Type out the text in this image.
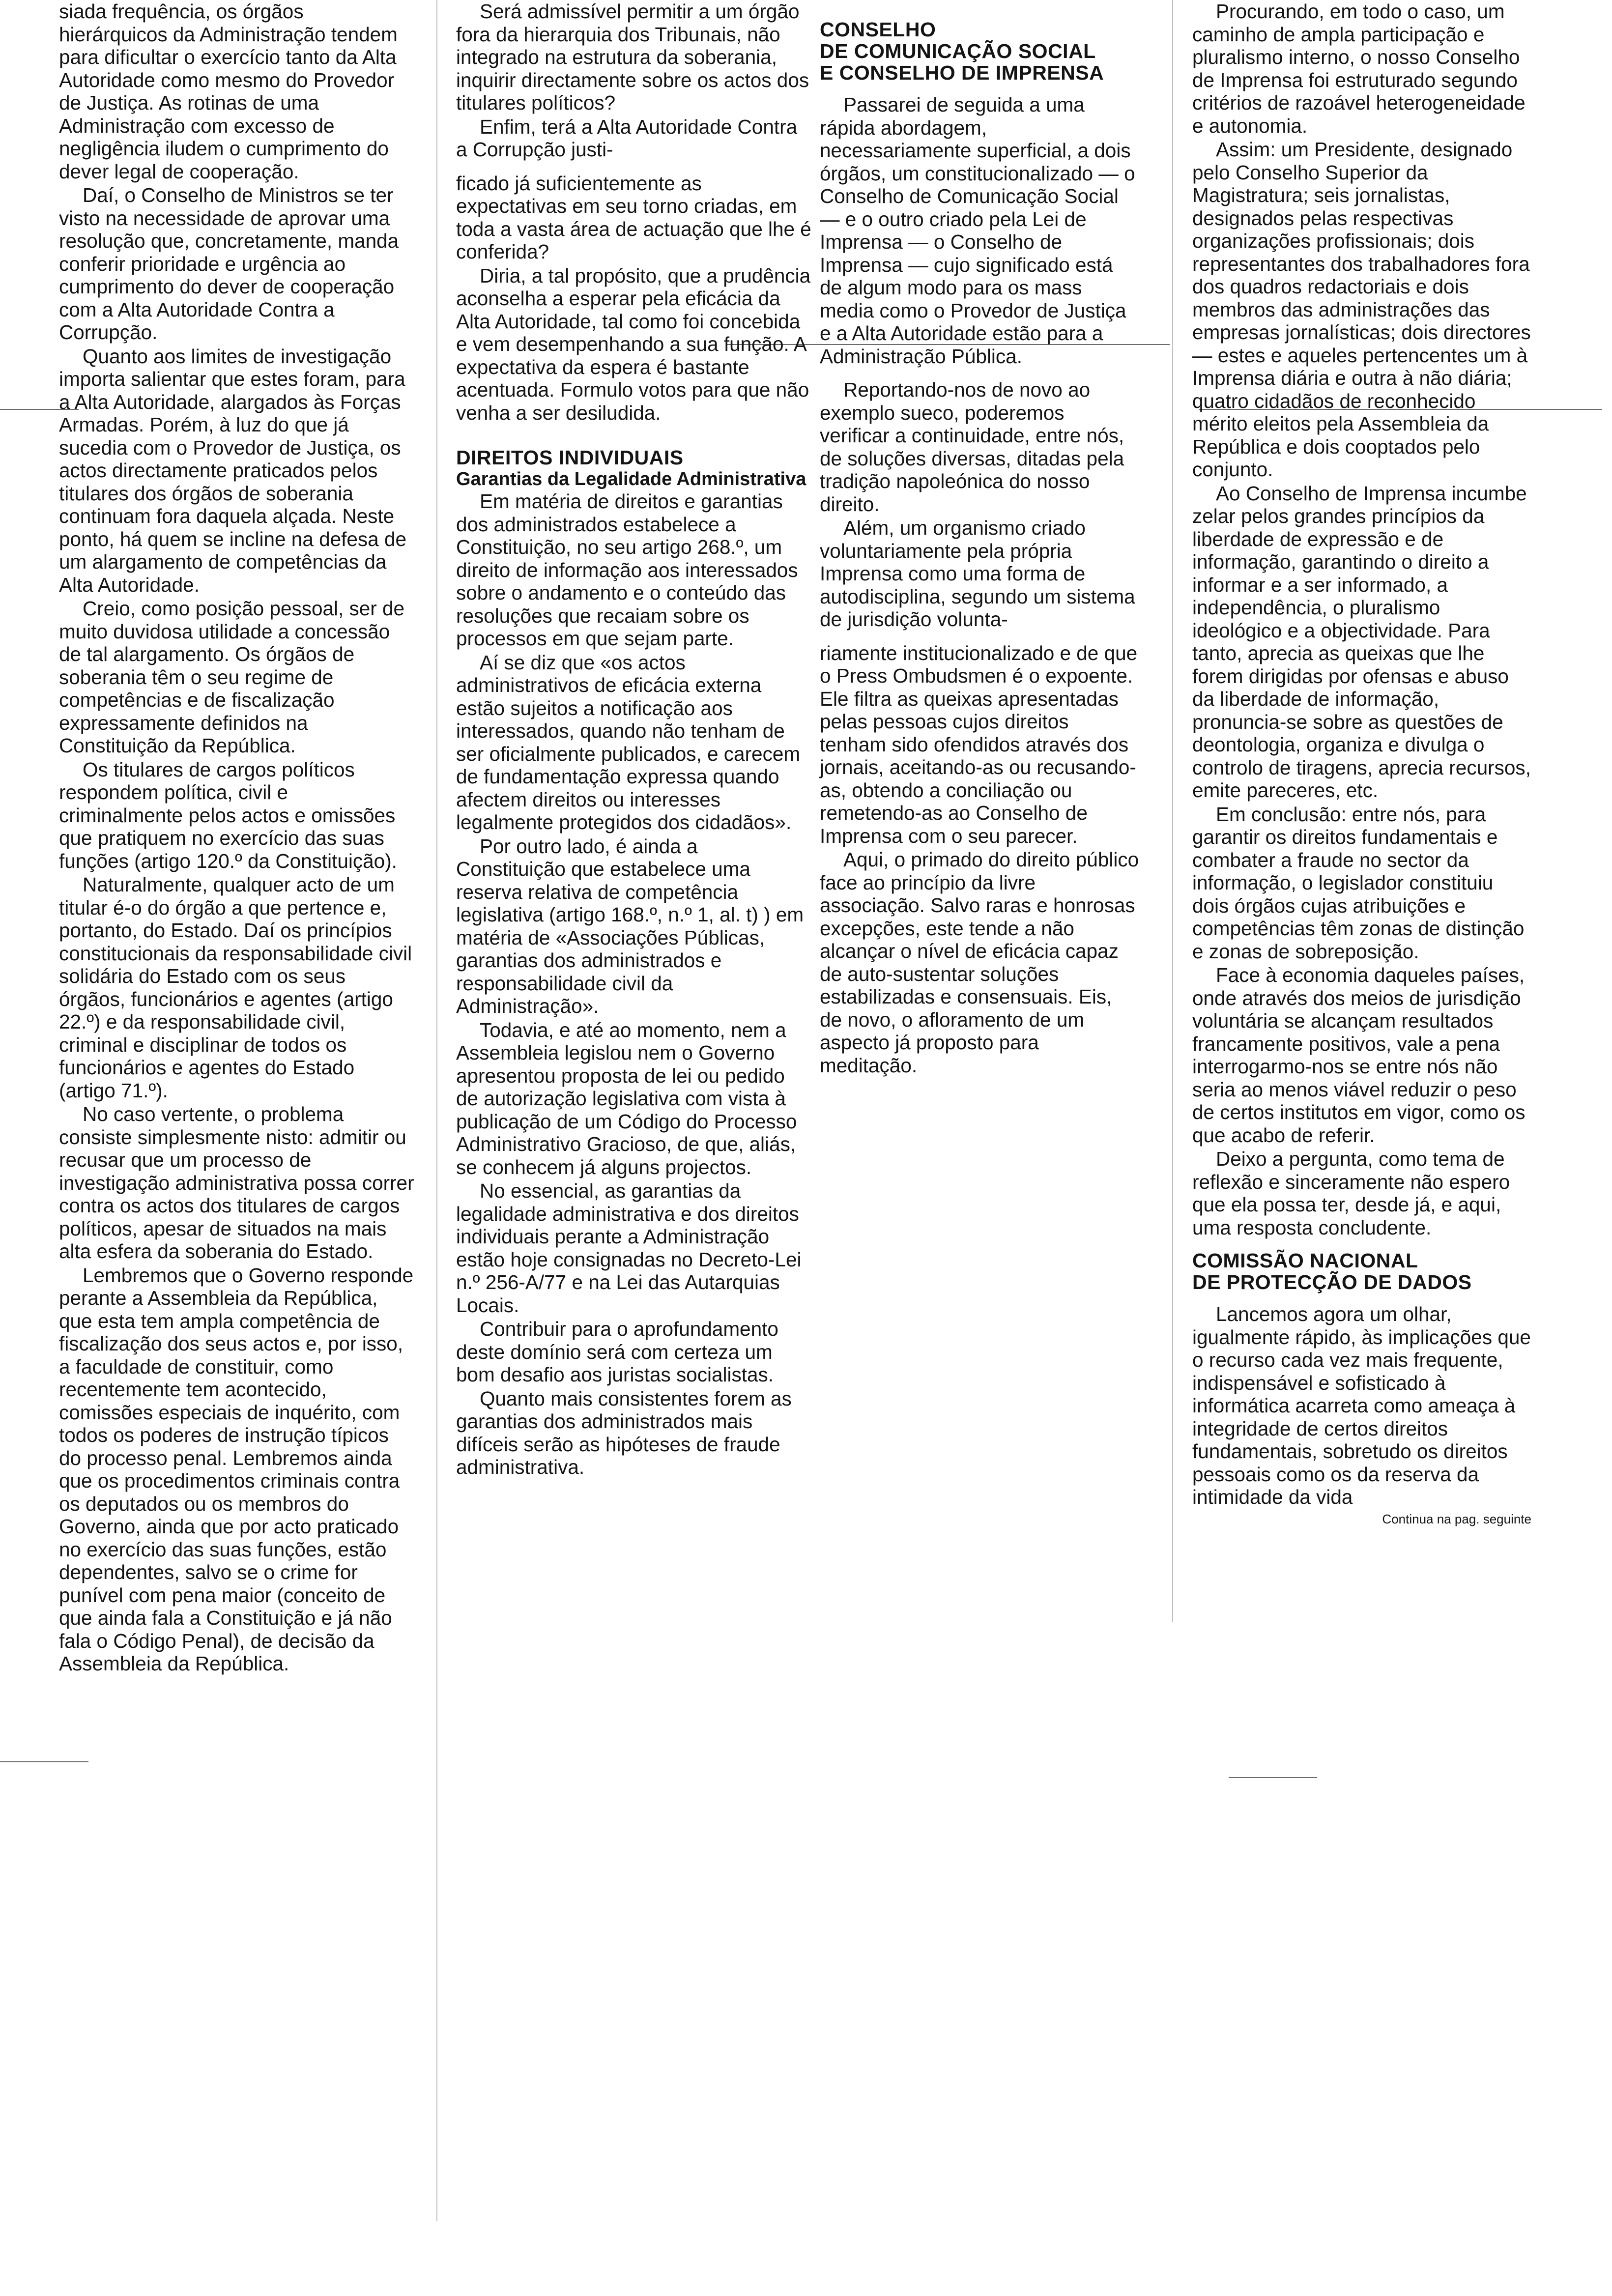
siada frequência, os órgãos hierárquicos da Administração tendem para dificultar o exercício tanto da Alta Autoridade como mesmo do Provedor de Justiça. As rotinas de uma Administração com excesso de negligência iludem o cumprimento do dever legal de cooperação.

Daí, o Conselho de Ministros se ter visto na necessidade de aprovar uma resolução que, concretamente, manda conferir prioridade e urgência ao cumprimento do dever de cooperação com a Alta Autoridade Contra a Corrupção.

Quanto aos limites de investigação importa salientar que estes foram, para a Alta Autoridade, alargados às Forças Armadas. Porém, à luz do que já sucedia com o Provedor de Justiça, os actos directamente praticados pelos titulares dos órgãos de soberania continuam fora daquela alçada. Neste ponto, há quem se incline na defesa de um alargamento de competências da Alta Autoridade.

Creio, como posição pessoal, ser de muito duvidosa utilidade a concessão de tal alargamento. Os órgãos de soberania têm o seu regime de competências e de fiscalização expressamente definidos na Constituição da República.

Os titulares de cargos políticos respondem política, civil e criminalmente pelos actos e omissões que pratiquem no exercício das suas funções (artigo 120.º da Constituição).

Naturalmente, qualquer acto de um titular é-o do órgão a que pertence e, portanto, do Estado. Daí os princípios constitucionais da responsabilidade civil solidária do Estado com os seus órgãos, funcionários e agentes (artigo 22.º) e da responsabilidade civil, criminal e disciplinar de todos os funcionários e agentes do Estado (artigo 71.º).

No caso vertente, o problema consiste simplesmente nisto: admitir ou recusar que um processo de investigação administrativa possa correr contra os actos dos titulares de cargos políticos, apesar de situados na mais alta esfera da soberania do Estado.

Lembremos que o Governo responde perante a Assembleia da República, que esta tem ampla competência de fiscalização dos seus actos e, por isso, a faculdade de constituir, como recentemente tem acontecido, comissões especiais de inquérito, com todos os poderes de instrução típicos do processo penal. Lembremos ainda que os procedimentos criminais contra os deputados ou os membros do Governo, ainda que por acto praticado no exercício das suas funções, estão dependentes, salvo se o crime for punível com pena maior (conceito de que ainda fala a Constituição e já não fala o Código Penal), de decisão da Assembleia da República.

Será admissível permitir a um órgão fora da hierarquia dos Tribunais, não integrado na estrutura da soberania, inquirir directamente sobre os actos dos titulares políticos?

Enfim, terá a Alta Autoridade Contra a Corrupção justi-

ficado já suficientemente as expectativas em seu torno criadas, em toda a vasta área de actuação que lhe é conferida?

Diria, a tal propósito, que a prudência aconselha a esperar pela eficácia da Alta Autoridade, tal como foi concebida e vem desempenhando a sua função. A expectativa da espera é bastante acentuada. Formulo votos para que não venha a ser desiludida.

DIREITOS INDIVIDUAIS
Garantias da Legalidade Administrativa

Em matéria de direitos e garantias dos administrados estabelece a Constituição, no seu artigo 268.º, um direito de informação aos interessados sobre o andamento e o conteúdo das resoluções que recaiam sobre os processos em que sejam parte.

Aí se diz que «os actos administrativos de eficácia externa estão sujeitos a notificação aos interessados, quando não tenham de ser oficialmente publicados, e carecem de fundamentação expressa quando afectem direitos ou interesses legalmente protegidos dos cidadãos».

Por outro lado, é ainda a Constituição que estabelece uma reserva relativa de competência legislativa (artigo 168.º, n.º 1, al. t) ) em matéria de «Associações Públicas, garantias dos administrados e responsabilidade civil da Administração».

Todavia, e até ao momento, nem a Assembleia legislou nem o Governo apresentou proposta de lei ou pedido de autorização legislativa com vista à publicação de um Código do Processo Administrativo Gracioso, de que, aliás, se conhecem já alguns projectos.

No essencial, as garantias da legalidade administrativa e dos direitos individuais perante a Administração estão hoje consignadas no Decreto-Lei n.º 256-A/77 e na Lei das Autarquias Locais.

Contribuir para o aprofundamento deste domínio será com certeza um bom desafio aos juristas socialistas.

Quanto mais consistentes forem as garantias dos administrados mais difíceis serão as hipóteses de fraude administrativa.

CONSELHO
DE COMUNICAÇÃO SOCIAL
E CONSELHO DE IMPRENSA

Passarei de seguida a uma rápida abordagem, necessariamente superficial, a dois órgãos, um constitucionalizado — o Conselho de Comunicação Social — e o outro criado pela Lei de Imprensa — o Conselho de Imprensa — cujo significado está de algum modo para os mass media como o Provedor de Justiça e a Alta Autoridade estão para a Administração Pública.

Reportando-nos de novo ao exemplo sueco, poderemos verificar a continuidade, entre nós, de soluções diversas, ditadas pela tradição napoleónica do nosso direito.

Além, um organismo criado voluntariamente pela própria Imprensa como uma forma de autodisciplina, segundo um sistema de jurisdição volunta-

riamente institucionalizado e de que o Press Ombudsmen é o expoente. Ele filtra as queixas apresentadas pelas pessoas cujos direitos tenham sido ofendidos através dos jornais, aceitando-as ou recusando-as, obtendo a conciliação ou remetendo-as ao Conselho de Imprensa com o seu parecer.

Aqui, o primado do direito público face ao princípio da livre associação. Salvo raras e honrosas excepções, este tende a não alcançar o nível de eficácia capaz de auto-sustentar soluções estabilizadas e consensuais. Eis, de novo, o afloramento de um aspecto já proposto para meditação.

Procurando, em todo o caso, um caminho de ampla participação e pluralismo interno, o nosso Conselho de Imprensa foi estruturado segundo critérios de razoável heterogeneidade e autonomia.

Assim: um Presidente, designado pelo Conselho Superior da Magistratura; seis jornalistas, designados pelas respectivas organizações profissionais; dois representantes dos trabalhadores fora dos quadros redactoriais e dois membros das administrações das empresas jornalísticas; dois directores — estes e aqueles pertencentes um à Imprensa diária e outra à não diária; quatro cidadãos de reconhecido mérito eleitos pela Assembleia da República e dois cooptados pelo conjunto.

Ao Conselho de Imprensa incumbe zelar pelos grandes princípios da liberdade de expressão e de informação, garantindo o direito a informar e a ser informado, a independência, o pluralismo ideológico e a objectividade. Para tanto, aprecia as queixas que lhe forem dirigidas por ofensas e abuso da liberdade de informação, pronuncia-se sobre as questões de deontologia, organiza e divulga o controlo de tiragens, aprecia recursos, emite pareceres, etc.

Em conclusão: entre nós, para garantir os direitos fundamentais e combater a fraude no sector da informação, o legislador constituiu dois órgãos cujas atribuições e competências têm zonas de distinção e zonas de sobreposição.

Face à economia daqueles países, onde através dos meios de jurisdição voluntária se alcançam resultados francamente positivos, vale a pena interrogarmo-nos se entre nós não seria ao menos viável reduzir o peso de certos institutos em vigor, como os que acabo de referir.

Deixo a pergunta, como tema de reflexão e sinceramente não espero que ela possa ter, desde já, e aqui, uma resposta concludente.

COMISSÃO NACIONAL
DE PROTECÇÃO DE DADOS

Lancemos agora um olhar, igualmente rápido, às implicações que o recurso cada vez mais frequente, indispensável e sofisticado à informática acarreta como ameaça à integridade de certos direitos fundamentais, sobretudo os direitos pessoais como os da reserva da intimidade da vida

Continua na pag. seguinte
